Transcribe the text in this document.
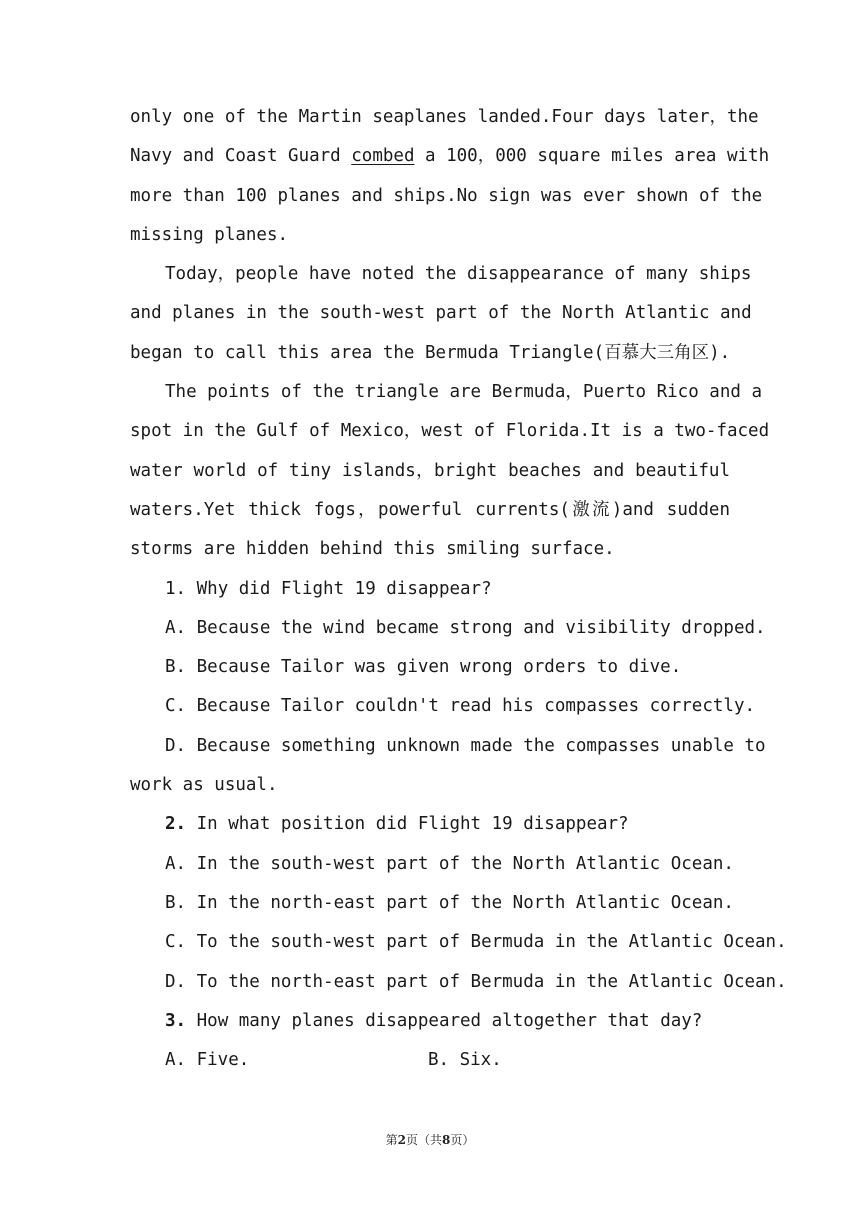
only one of the Martin seaplanes landed.Four days later，the
Navy and Coast Guard combed a 100，000 square miles area with
more than 100 planes and ships.No sign was ever shown of the
missing planes.
Today，people have noted the disappearance of many ships
and planes in the south-west part of the North Atlantic and
began to call this area the Bermuda Triangle(百慕大三角区).
The points of the triangle are Bermuda，Puerto Rico and a
spot in the Gulf of Mexico，west of Florida.It is a two-faced
water world of tiny islands，bright beaches and beautiful
waters.Yet thick fogs，powerful currents(激流)and sudden
storms are hidden behind this smiling surface.
1. Why did Flight 19 disappear?
A. Because the wind became strong and visibility dropped.
B. Because Tailor was given wrong orders to dive.
C. Because Tailor couldn't read his compasses correctly.
D. Because something unknown made the compasses unable to
work as usual.
2. In what position did Flight 19 disappear?
A. In the south-west part of the North Atlantic Ocean.
B. In the north-east part of the North Atlantic Ocean.
C. To the south-west part of Bermuda in the Atlantic Ocean.
D. To the north-east part of Bermuda in the Atlantic Ocean.
3. How many planes disappeared altogether that day?
A. Five.	B. Six.
第2页（共8页）
